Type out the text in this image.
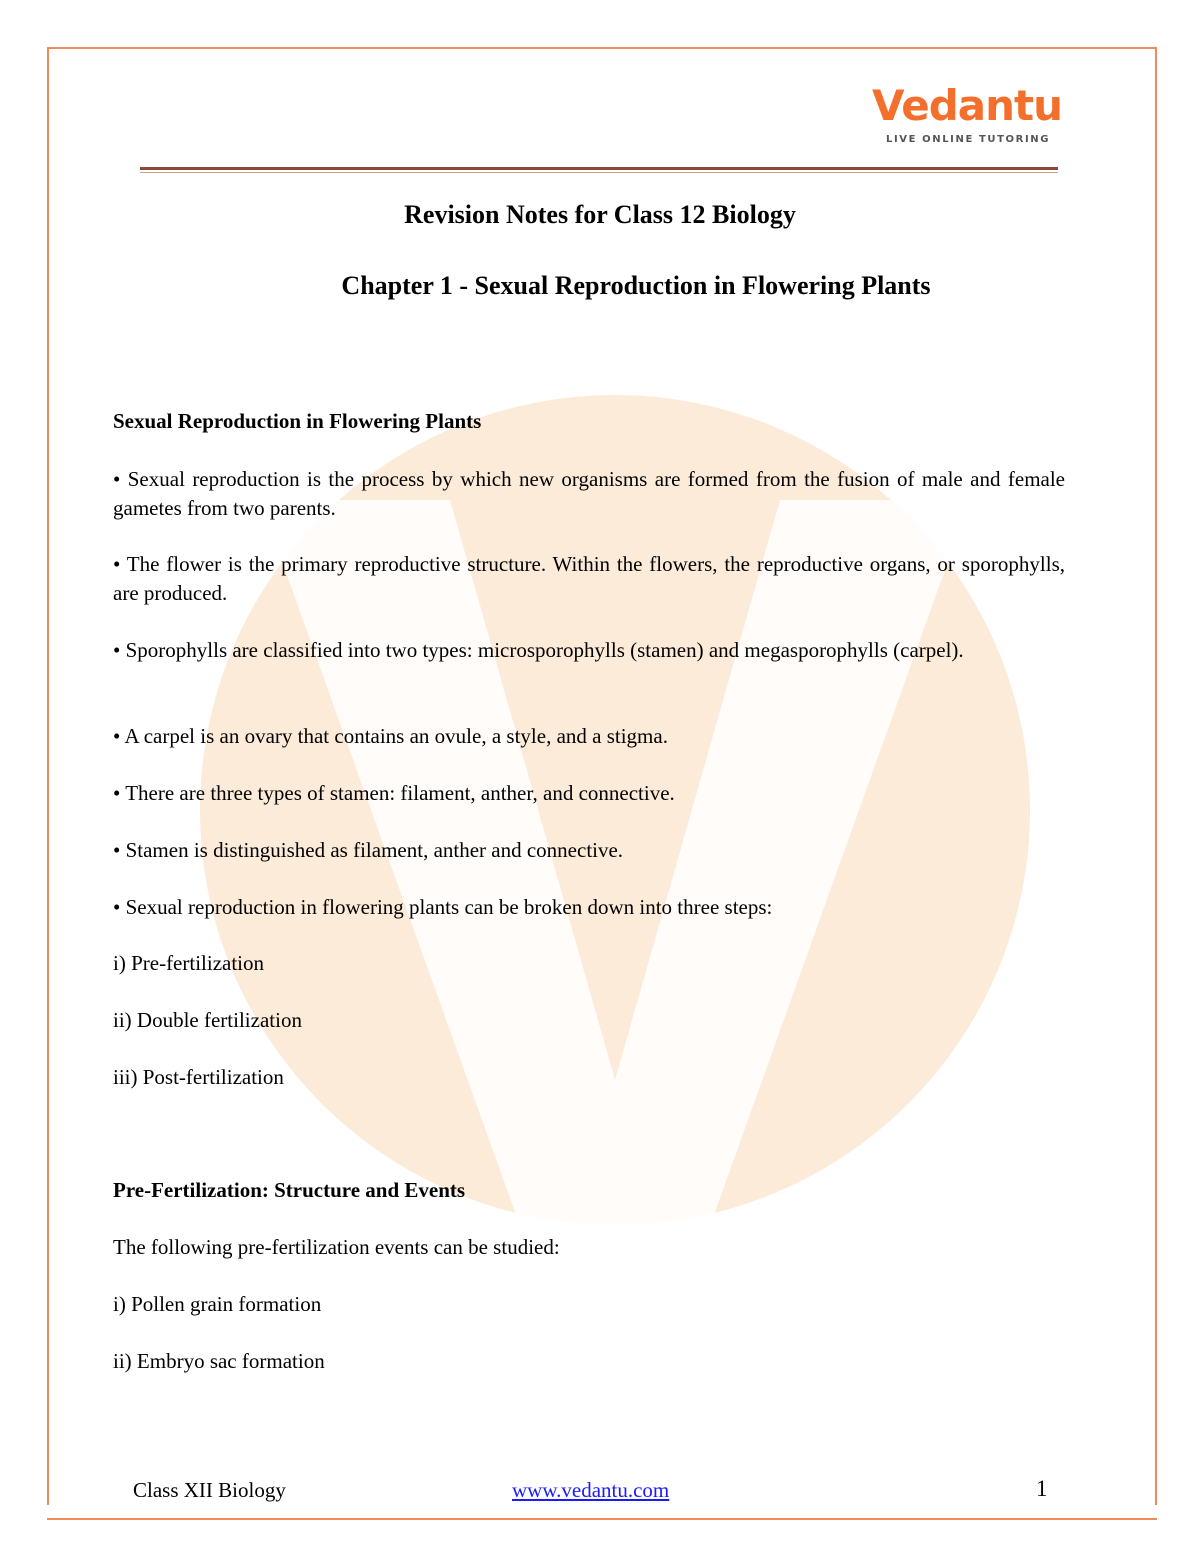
Vedantu
LIVE ONLINE TUTORING
Revision Notes for Class 12 Biology
Chapter 1 - Sexual Reproduction in Flowering Plants
Sexual Reproduction in Flowering Plants
• Sexual reproduction is the process by which new organisms are formed from the fusion of male and female gametes from two parents.
• The flower is the primary reproductive structure. Within the flowers, the reproductive organs, or sporophylls, are produced.
• Sporophylls are classified into two types: microsporophylls (stamen) and megasporophylls (carpel).
• A carpel is an ovary that contains an ovule, a style, and a stigma.
• There are three types of stamen: filament, anther, and connective.
• Stamen is distinguished as filament, anther and connective.
• Sexual reproduction in flowering plants can be broken down into three steps:
i) Pre-fertilization
ii) Double fertilization
iii) Post-fertilization
Pre-Fertilization: Structure and Events
The following pre-fertilization events can be studied:
i) Pollen grain formation
ii) Embryo sac formation
Class XII Biology	www.vedantu.com	1
